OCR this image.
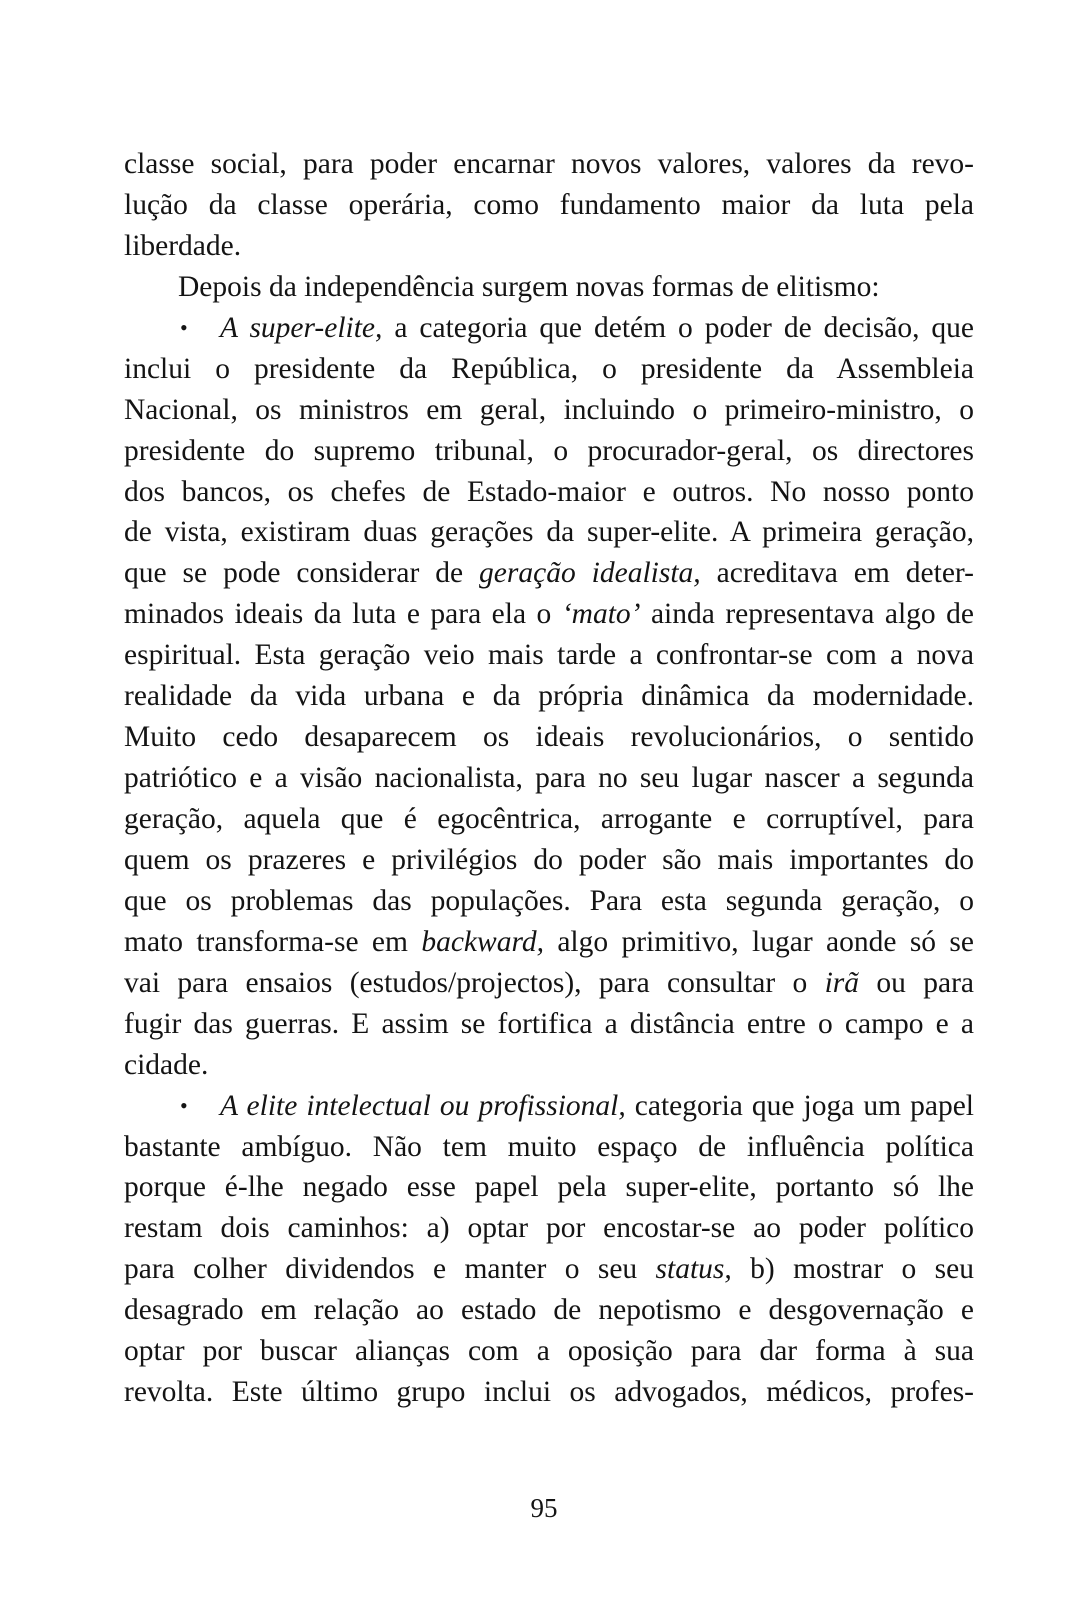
classe social, para poder encarnar novos valores, valores da revo-
lução da classe operária, como fundamento maior da luta pela
liberdade.
Depois da independência surgem novas formas de elitismo:
• A super-elite, a categoria que detém o poder de decisão, que
inclui o presidente da República, o presidente da Assembleia
Nacional, os ministros em geral, incluindo o primeiro-ministro, o
presidente do supremo tribunal, o procurador-geral, os directores
dos bancos, os chefes de Estado-maior e outros. No nosso ponto
de vista, existiram duas gerações da super-elite. A primeira geração,
que se pode considerar de geração idealista, acreditava em deter-
minados ideais da luta e para ela o ‘mato’ ainda representava algo de
espiritual. Esta geração veio mais tarde a confrontar-se com a nova
realidade da vida urbana e da própria dinâmica da modernidade.
Muito cedo desaparecem os ideais revolucionários, o sentido
patriótico e a visão nacionalista, para no seu lugar nascer a segunda
geração, aquela que é egocêntrica, arrogante e corruptível, para
quem os prazeres e privilégios do poder são mais importantes do
que os problemas das populações. Para esta segunda geração, o
mato transforma-se em backward, algo primitivo, lugar aonde só se
vai para ensaios (estudos/projectos), para consultar o irã ou para
fugir das guerras. E assim se fortifica a distância entre o campo e a
cidade.
• A elite intelectual ou profissional, categoria que joga um papel
bastante ambíguo. Não tem muito espaço de influência política
porque é-lhe negado esse papel pela super-elite, portanto só lhe
restam dois caminhos: a) optar por encostar-se ao poder político
para colher dividendos e manter o seu status, b) mostrar o seu
desagrado em relação ao estado de nepotismo e desgovernação e
optar por buscar alianças com a oposição para dar forma à sua
revolta. Este último grupo inclui os advogados, médicos, profes-
95
